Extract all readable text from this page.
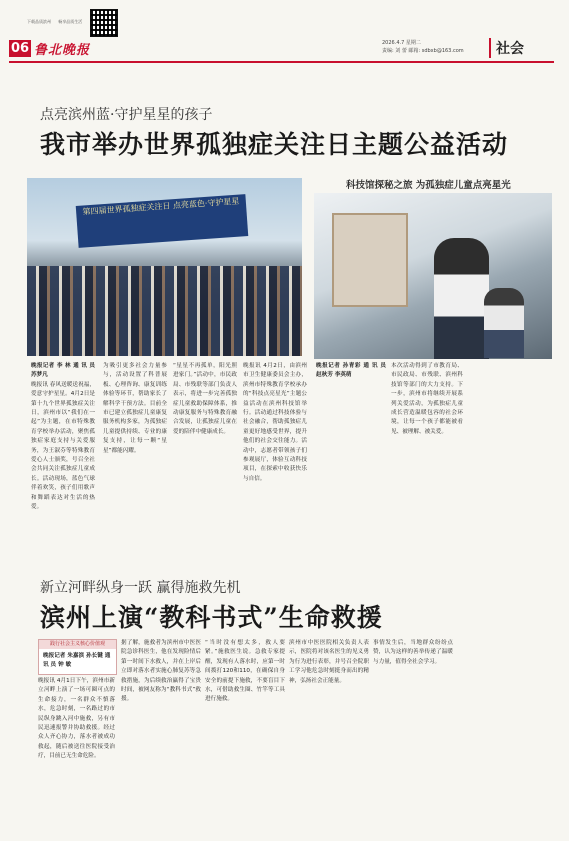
下载品质滨州 畅享品质生活
06 鲁北晚报	2026.4.7 星期二
责编: 刘 蕾 邮箱: sdbxb@163.com 社会
点亮滨州蓝·守护星星的孩子
我市举办世界孤独症关注日主题公益活动
第四届世界孤独症关注日 点亮蓝色·守护星星
科技馆探秘之旅 为孤独症儿童点亮星光

晚报记者 李 林 通 讯 员 苏梦凡

晚报讯 春风送暖送祝福，爱意守护星星。4月2日是第十九个世界孤独症关注日，滨州市以“我们在一起”为主题，在市特殊教育学校举办活动，聚焦孤独症家庭支持与关爱服务，为王淑芬等特殊教育爱心人士颁奖，号召全社会共同关注孤独症儿童成长。活动现场，蓝色气球伴着欢笑，孩子们用歌声和舞蹈表达对生活的热爱。

为吸引更多社会力量参与，活动设置了科普展板、心理咨询、康复训练体验等环节，帮助家长了解科学干预方法。目前全市已建立孤独症儿童康复服务机构多家，为孤独症儿童提供持续、专业的康复支持，让每一颗“星星”都能闪耀。

“星星不再孤单，阳光照进家门。”活动中，市民政局、市残联等部门负责人表示，将进一步完善孤独症儿童救助保障体系，推动康复服务与特殊教育融合发展，让孤独症儿童在爱的陪伴中健康成长。

晚报讯 4月2日，由滨州市卫生健康委员会主办，滨州市特殊教育学校承办的“科技点亮星光”主题公益活动在滨州科技馆举行。活动通过科技体验与社会融合，帮助孤独症儿童更好地感受世界，提升他们的社会交往能力。活动中，志愿者带领孩子们参观展厅，体验互动科技项目，在探索中收获快乐与自信。

晚报记者 孙青彩 通 讯 员 赵秋芳 李英萌

本次活动得到了市教育局、市民政局、市残联、滨州科技馆等部门的大力支持。下一步，滨州市将继续开展系列关爱活动，为孤独症儿童成长营造温暖包容的社会环境，让每一个孩子都能被看见、被理解、被关爱。

新立河畔纵身一跃 赢得施救先机
滨州上演“教科书式”生命救援
践行社会主义核心价值观
晚报记者 朱嘉滨 孙长键 通 讯 员 钟 敏

晚报讯 4月1日下午，滨州市新立河畔上演了一场可圈可点的生命接力，一名群众不慎落水，危急时刻，一名路过的市民纵身跳入河中施救，另有市民迅速报警并协助救援。经过众人齐心协力，落水者被成功救起，随后被送往医院接受治疗，目前已无生命危险。

据了解，施救者为滨州市中医医院急诊科医生，他在发现险情后第一时间下水救人，并在上岸后立即对落水者实施心肺复苏等急救措施，为后续救治赢得了宝贵时间，被网友称为“教科书式”救援。

“当时没有想太多，救人要紧。”施救医生说。急救专家提醒，发现有人落水时，应第一时间拨打120和110，在确保自身安全的前提下施救，不要盲目下水，可借助救生圈、竹竿等工具进行施救。

滨州市中医医院相关负责人表示，医院将对该名医生的见义勇为行为进行表彰，并号召全院职工学习他危急时刻挺身而出的精神，弘扬社会正能量。

事情发生后，当地群众纷纷点赞，认为这样的善举传递了温暖与力量，值得全社会学习。
